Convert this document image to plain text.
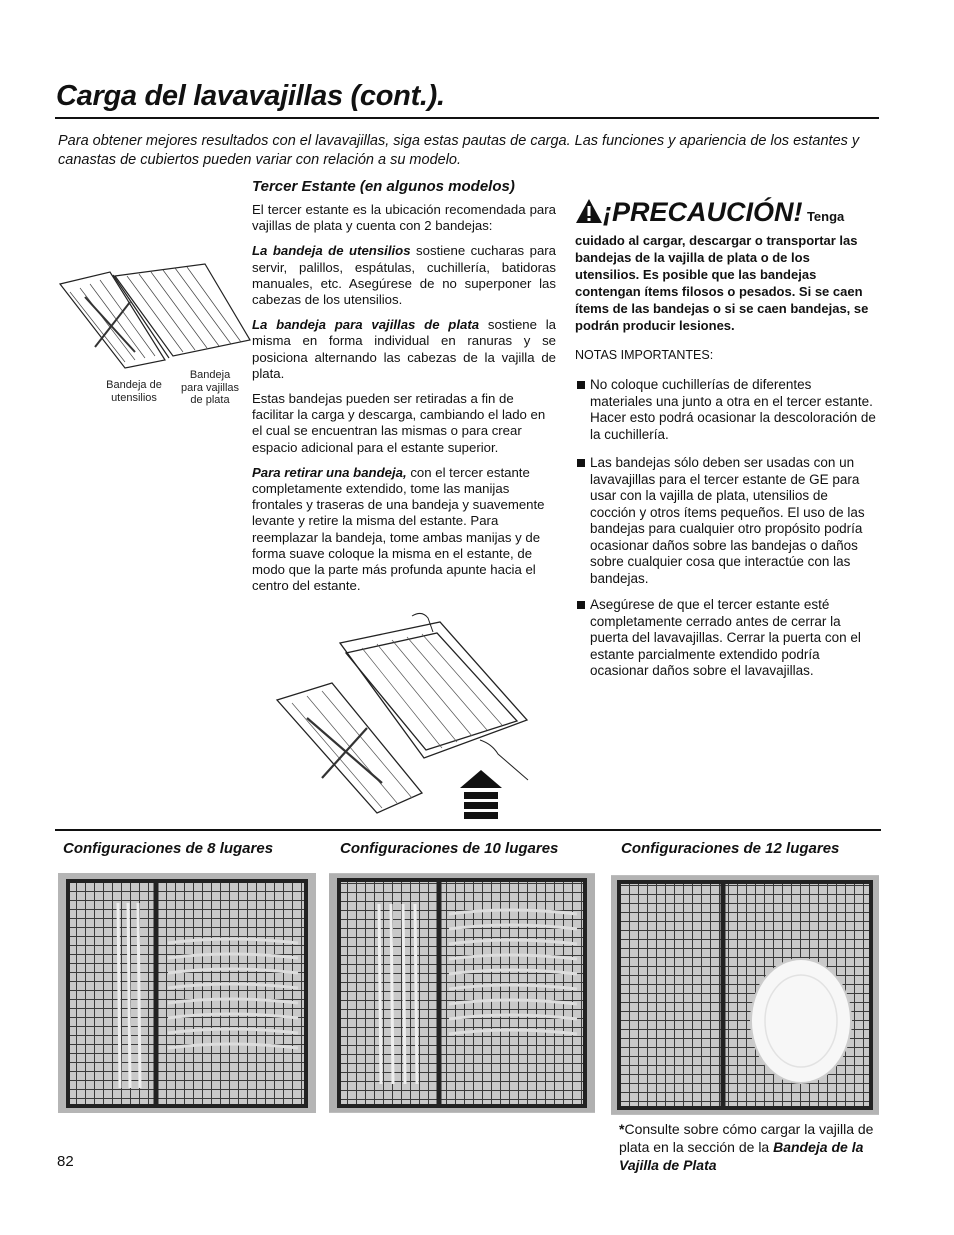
Carga del lavavajillas (cont.).
Para obtener mejores resultados con el lavavajillas, siga estas pautas de carga. Las funciones y apariencia de los estantes y canastas de cubiertos pueden variar con relación a su modelo.
Tercer Estante (en algunos modelos)

El tercer estante es la ubicación recomendada para vajillas de plata y cuenta con 2 bandejas:

La bandeja de utensilios sostiene cucharas para servir, palillos, espátulas, cuchillería, batidoras manuales, etc. Asegúrese de no superponer las cabezas de los utensilios.

La bandeja para vajillas de plata sostiene la misma en forma individual en ranuras y se posiciona alternando las cabezas de la vajilla de plata.

Estas bandejas pueden ser retiradas a fin de facilitar la carga y descarga, cambiando el lado en el cual se encuentran las mismas o para crear espacio adicional para el estante superior.

Para retirar una bandeja, con el tercer estante completamente extendido, tome las manijas frontales y traseras de una bandeja y suavemente levante y retire la misma del estante. Para reemplazar la bandeja, tome ambas manijas y de forma suave coloque la misma en el estante, de modo que la parte más profunda apunte hacia el centro del estante.

Bandeja de utensilios
Bandeja para vajillas de plata
¡PRECAUCIÓN! Tenga
cuidado al cargar, descargar o transportar las bandejas de la vajilla de plata o de los utensilios. Es posible que las bandejas contengan ítems filosos o pesados. Si se caen ítems de las bandejas o si se caen bandejas, se podrán producir lesiones.
NOTAS IMPORTANTES:
No coloque cuchillerías de diferentes materiales una junto a otra en el tercer estante. Hacer esto podrá ocasionar la descoloración de la cuchillería.
Las bandejas sólo deben ser usadas con un lavavajillas para el tercer estante de GE para usar con la vajilla de plata, utensilios de cocción y otros ítems pequeños. El uso de las bandejas para cualquier otro propósito podría ocasionar daños sobre las bandejas o daños sobre cualquier cosa que interactúe con las bandejas.
Asegúrese de que el tercer estante esté completamente cerrado antes de cerrar la puerta del lavavajillas. Cerrar la puerta con el estante parcialmente extendido podría ocasionar daños sobre el lavavajillas.
Configuraciones de 8 lugares	Configuraciones de 10 lugares	Configuraciones de 12 lugares
*Consulte sobre cómo cargar la vajilla de plata en la sección de la Bandeja de la Vajilla de Plata
82
